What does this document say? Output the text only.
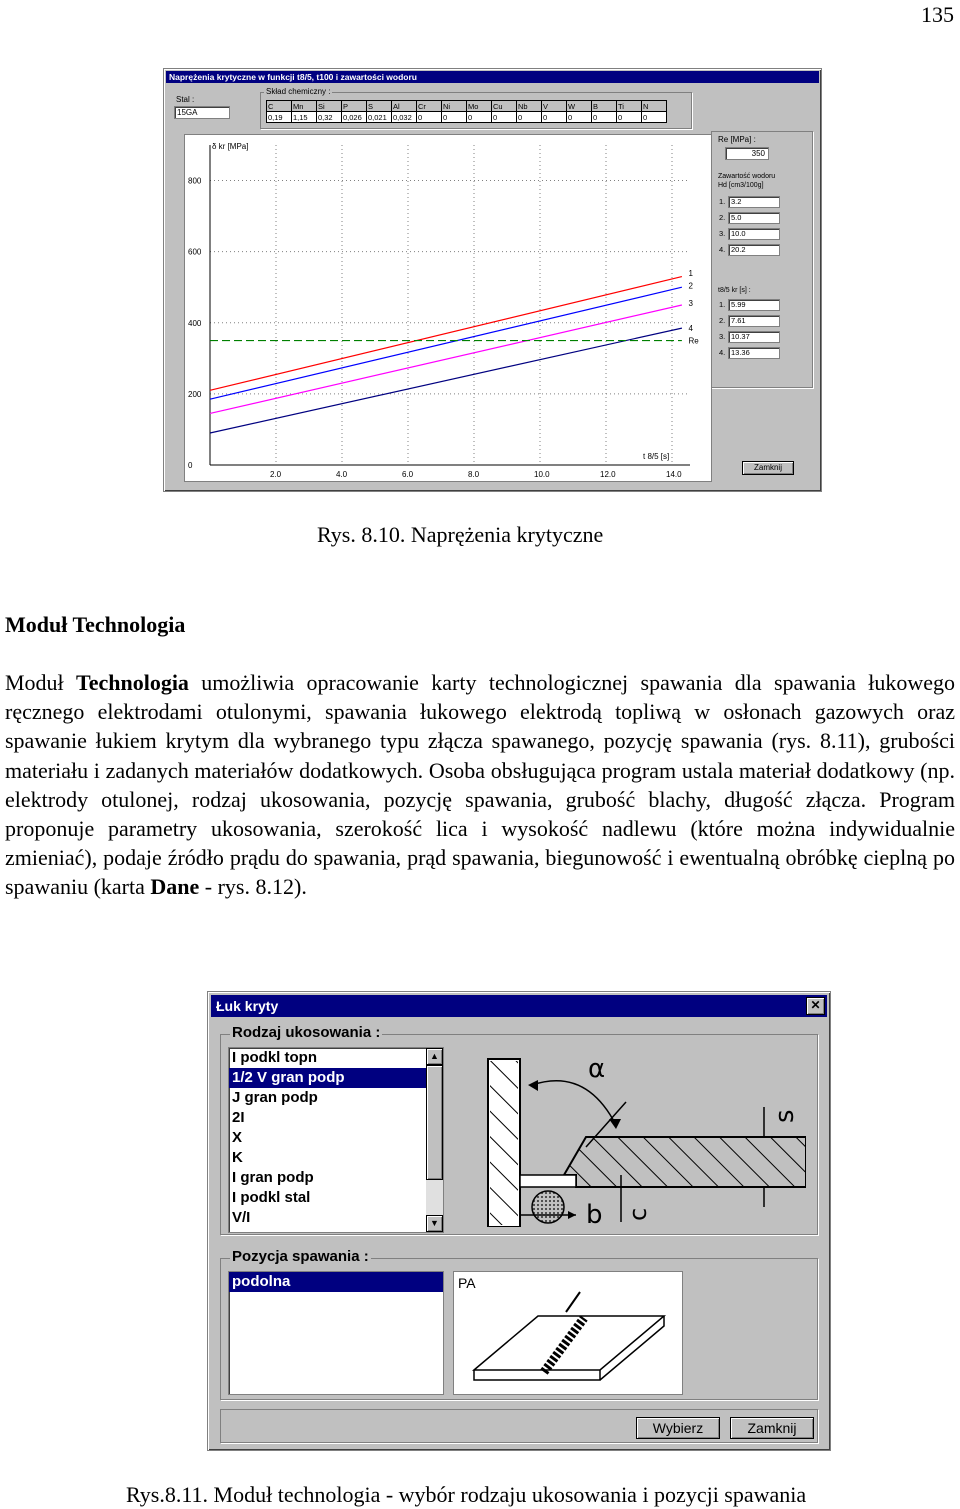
135
Naprężenia krytyczne w funkcji t8/5, t100 i zawartości wodoru
Stal :
15GA
Skład chemiczny :
C	Mn	Si	P	S	Al	Cr	Ni	Mo	Cu	Nb	V	W	B	Ti	N
0,19	1,15	0,32	0,026	0,021	0,032	0	0	0	0	0	0	0	0	0	0
800
600
400
200
0
2.0	4.0	6.0	8.0	10.0	12.0	14.0
δ kr [MPa]
t 8/5 [s]
1
2
3
4
Re
Re [MPa] :
350
Zawartość wodoru
Hd [cm3/100g]
t8/5 kr [s] :
Zamknij
1. 3.2
2. 5.0
3. 10.0
4. 20.2
1. 5.99
2. 7.61
3. 10.37
4. 13.36
Rys. 8.10. Naprężenia krytyczne
Moduł Technologia
Moduł Technologia umożliwia opracowanie karty technologicznej spawania dla spawania łukowego ręcznego elektrodami otulonymi, spawania łukowego elektrodą topliwą w osłonach gazowych oraz spawanie łukiem krytym dla wybranego typu złącza spawanego, pozycję spawania (rys. 8.11), grubości materiału i zadanych materiałów dodatkowych. Osoba obsługująca program ustala materiał dodatkowy (np. elektrody otulonej, rodzaj ukosowania, pozycję spawania, grubość blachy, długość złącza. Program proponuje parametry ukosowania, szerokość lica i wysokość nadlewu (które można indywidualnie zmieniać), podaje źródło prądu do spawania, prąd spawania, biegunowość i ewentualną obróbkę cieplną po spawaniu (karta Dane - rys. 8.12).
Łuk kryty	✕
Rodzaj ukosowania :
I podkl topn
1/2 V gran podp
J gran podp
2I
X
K
I gran podp
I podkl stal
V/I
▲
▼
α
s
b c
Pozycja spawania :
podolna	PA
Wybierz	Zamknij
Rys.8.11. Moduł technologia - wybór rodzaju ukosowania i pozycji spawania
